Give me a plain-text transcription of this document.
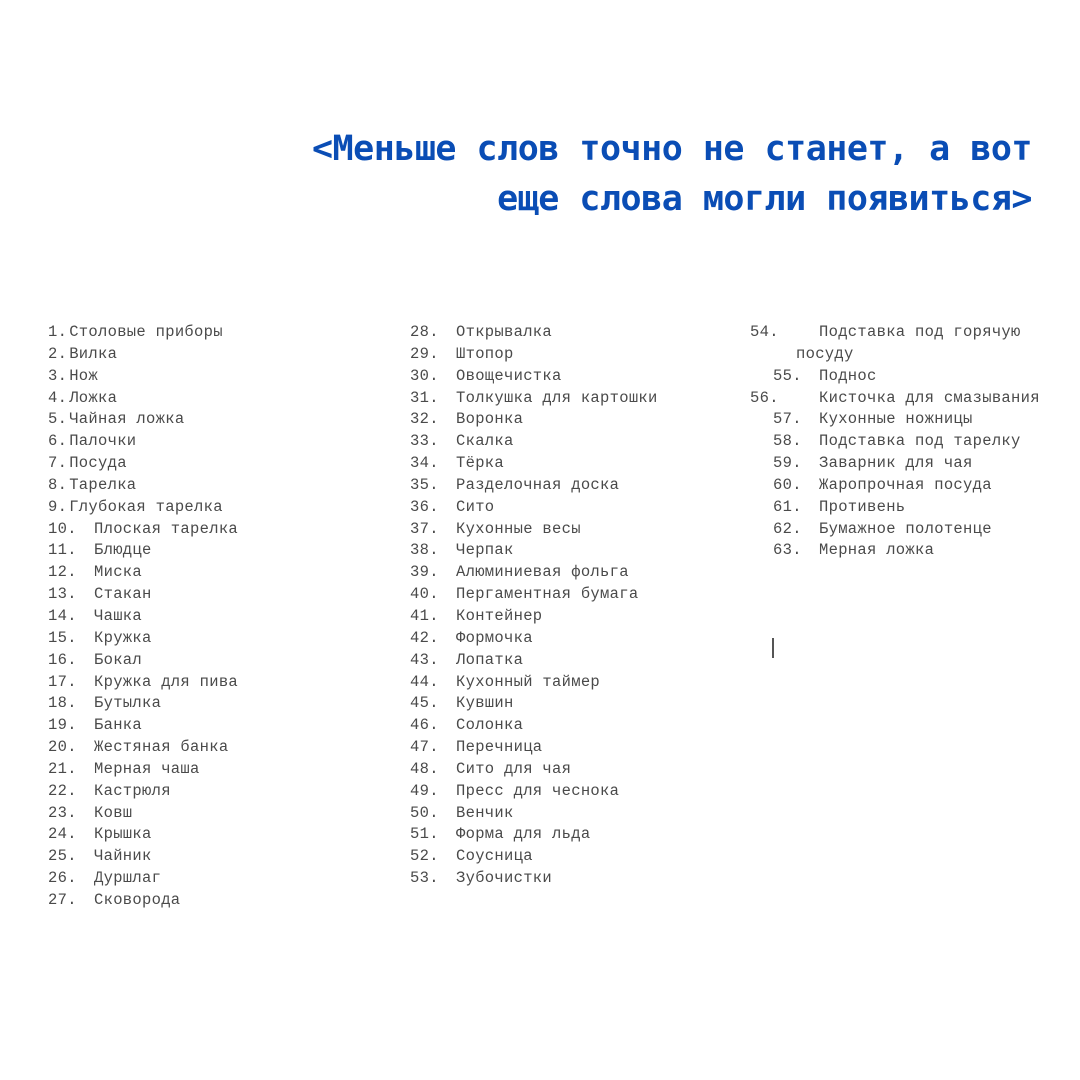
<Меньше слов точно не станет, а вот
еще слова могли появиться>
1. Столовые приборы
2. Вилка
3. Нож
4. Ложка
5. Чайная ложка
6. Палочки
7. Посуда
8. Тарелка
9. Глубокая тарелка
10. Плоская тарелка
11. Блюдце
12. Миска
13. Стакан
14. Чашка
15. Кружка
16. Бокал
17. Кружка для пива
18. Бутылка
19. Банка
20. Жестяная банка
21. Мерная чаша
22. Кастрюля
23. Ковш
24. Крышка
25. Чайник
26. Дуршлаг
27. Сковорода
28. Открывалка
29. Штопор
30. Овощечистка
31. Толкушка для картошки
32. Воронка
33. Скалка
34. Тёрка
35. Разделочная доска
36. Сито
37. Кухонные весы
38. Черпак
39. Алюминиевая фольга
40. Пергаментная бумага
41. Контейнер
42. Формочка
43. Лопатка
44. Кухонный таймер
45. Кувшин
46. Солонка
47. Перечница
48. Сито для чая
49. Пресс для чеснока
50. Венчик
51. Форма для льда
52. Соусница
53. Зубочистки
54.	Подставка под горячую посуду
55. Поднос
56.	Кисточка для смазывания
57. Кухонные ножницы
58. Подставка под тарелку
59. Заварник для чая
60. Жаропрочная посуда
61. Противень
62. Бумажное полотенце
63. Мерная ложка
